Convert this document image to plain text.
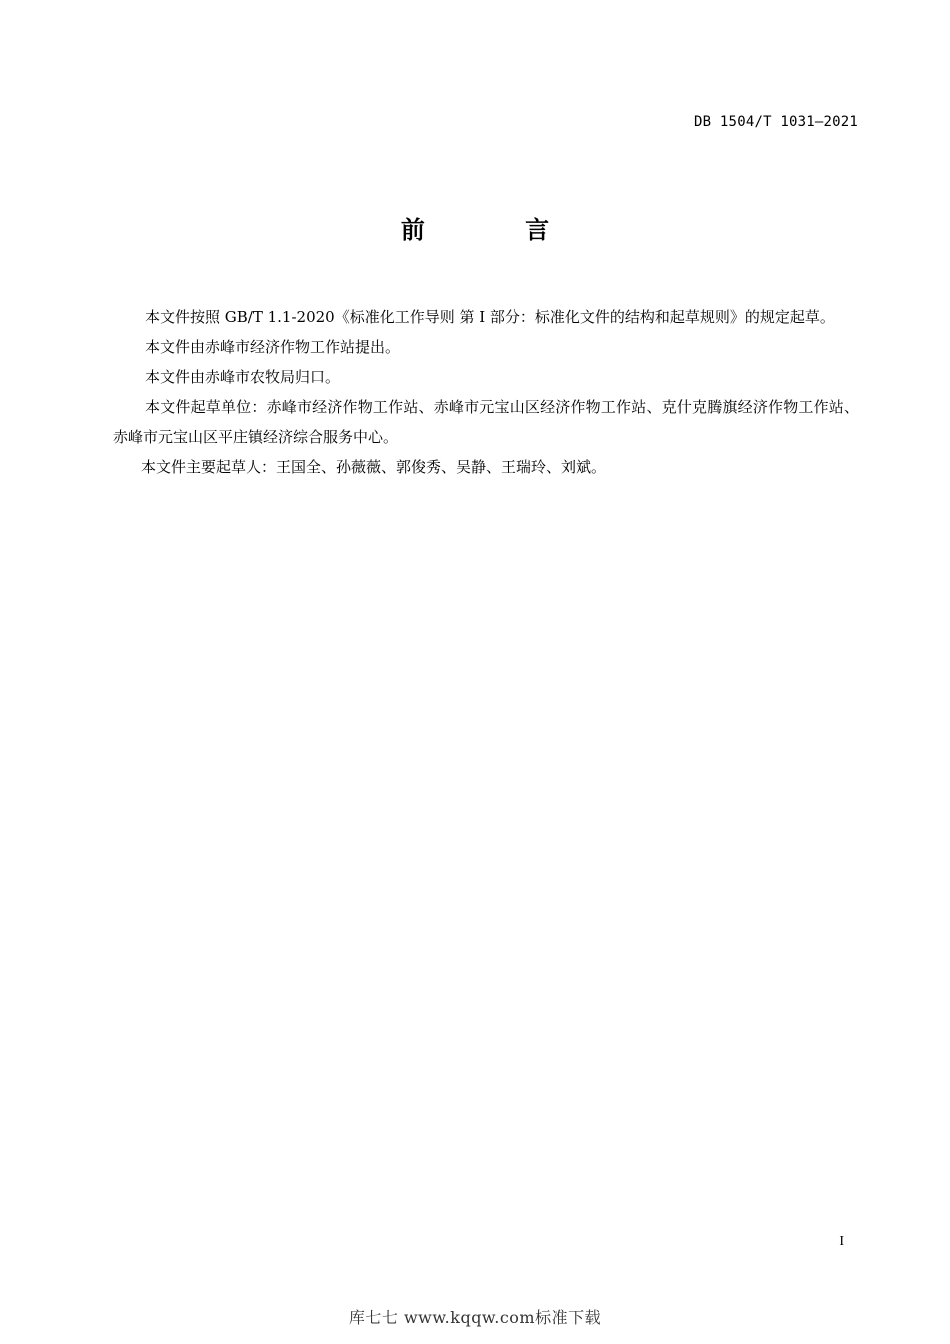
DB 1504/T 1031—2021
前 言

本文件按照 GB/T 1.1-2020《标准化工作导则 第 I 部分：标准化文件的结构和起草规则》的规定起草。

本文件由赤峰市经济作物工作站提出。

本文件由赤峰市农牧局归口。

本文件起草单位：赤峰市经济作物工作站、赤峰市元宝山区经济作物工作站、克什克腾旗经济作物工作站、赤峰市元宝山区平庄镇经济综合服务中心。

本文件主要起草人：王国全、孙薇薇、郭俊秀、吴静、王瑞玲、刘斌。

I
库七七 www.kqqw.com标准下载
